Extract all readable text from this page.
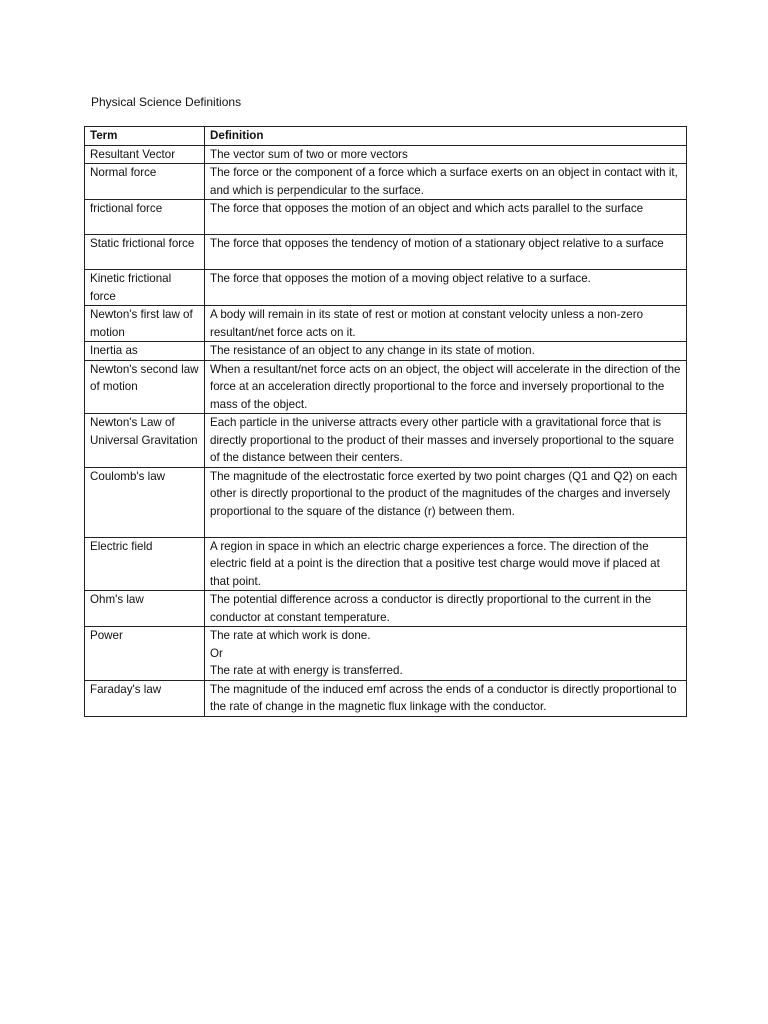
Physical Science Definitions
Term	Definition
Resultant Vector	The vector sum of two or more vectors
Normal force	The force or the component of a force which a surface exerts on an object in contact with it, and which is perpendicular to the surface.
frictional force	The force that opposes the motion of an object and which acts parallel to the surface
Static frictional force	The force that opposes the tendency of motion of a stationary object relative to a surface
Kinetic frictional force	The force that opposes the motion of a moving object relative to a surface.
Newton's first law of motion	A body will remain in its state of rest or motion at constant velocity unless a non-zero resultant/net force acts on it.
Inertia as	The resistance of an object to any change in its state of motion.
Newton's second law of motion	When a resultant/net force acts on an object, the object will accelerate in the direction of the force at an acceleration directly proportional to the force and inversely proportional to the mass of the object.
Newton's Law of Universal Gravitation	Each particle in the universe attracts every other particle with a gravitational force that is directly proportional to the product of their masses and inversely proportional to the square of the distance between their centers.
Coulomb's law	The magnitude of the electrostatic force exerted by two point charges (Q1 and Q2) on each other is directly proportional to the product of the magnitudes of the charges and inversely proportional to the square of the distance (r) between them.
Electric field	A region in space in which an electric charge experiences a force. The direction of the electric field at a point is the direction that a positive test charge would move if placed at that point.
Ohm's law	The potential difference across a conductor is directly proportional to the current in the conductor at constant temperature.
Power	The rate at which work is done.
Or
The rate at with energy is transferred.
Faraday's law	The magnitude of the induced emf across the ends of a conductor is directly proportional to the rate of change in the magnetic flux linkage with the conductor.
